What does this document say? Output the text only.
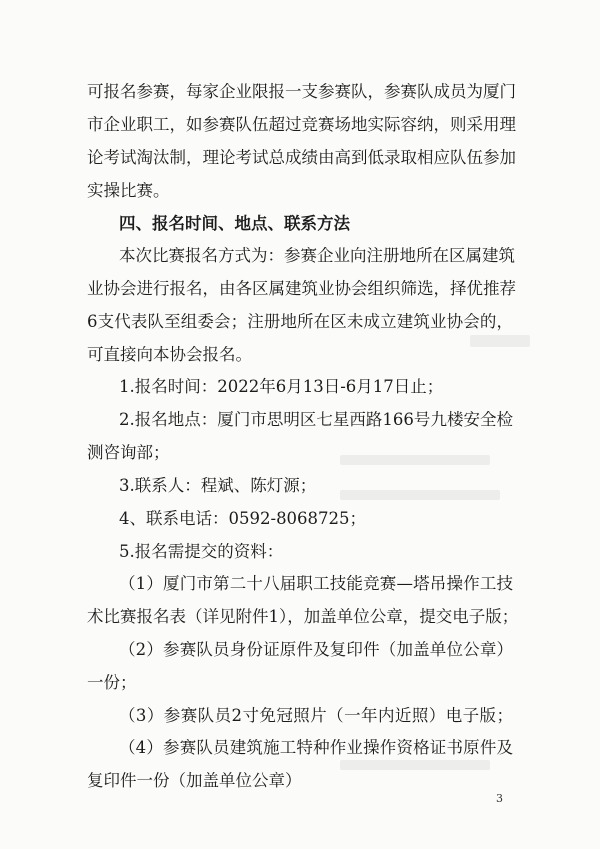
可报名参赛，每家企业限报一支参赛队，参赛队成员为厦门
市企业职工，如参赛队伍超过竞赛场地实际容纳，则采用理
论考试淘汰制，理论考试总成绩由高到低录取相应队伍参加
实操比赛。
四、报名时间、地点、联系方法
本次比赛报名方式为：参赛企业向注册地所在区属建筑
业协会进行报名，由各区属建筑业协会组织筛选，择优推荐
6支代表队至组委会；注册地所在区未成立建筑业协会的，
可直接向本协会报名。
1.报名时间：2022年6月13日-6月17日止；
2.报名地点：厦门市思明区七星西路166号九楼安全检
测咨询部；
3.联系人：程斌、陈灯源；
4、联系电话：0592-8068725；
5.报名需提交的资料：
（1）厦门市第二十八届职工技能竞赛—塔吊操作工技
术比赛报名表（详见附件1），加盖单位公章，提交电子版；
（2）参赛队员身份证原件及复印件（加盖单位公章）
一份；
（3）参赛队员2寸免冠照片（一年内近照）电子版；
（4）参赛队员建筑施工特种作业操作资格证书原件及
复印件一份（加盖单位公章）
3
